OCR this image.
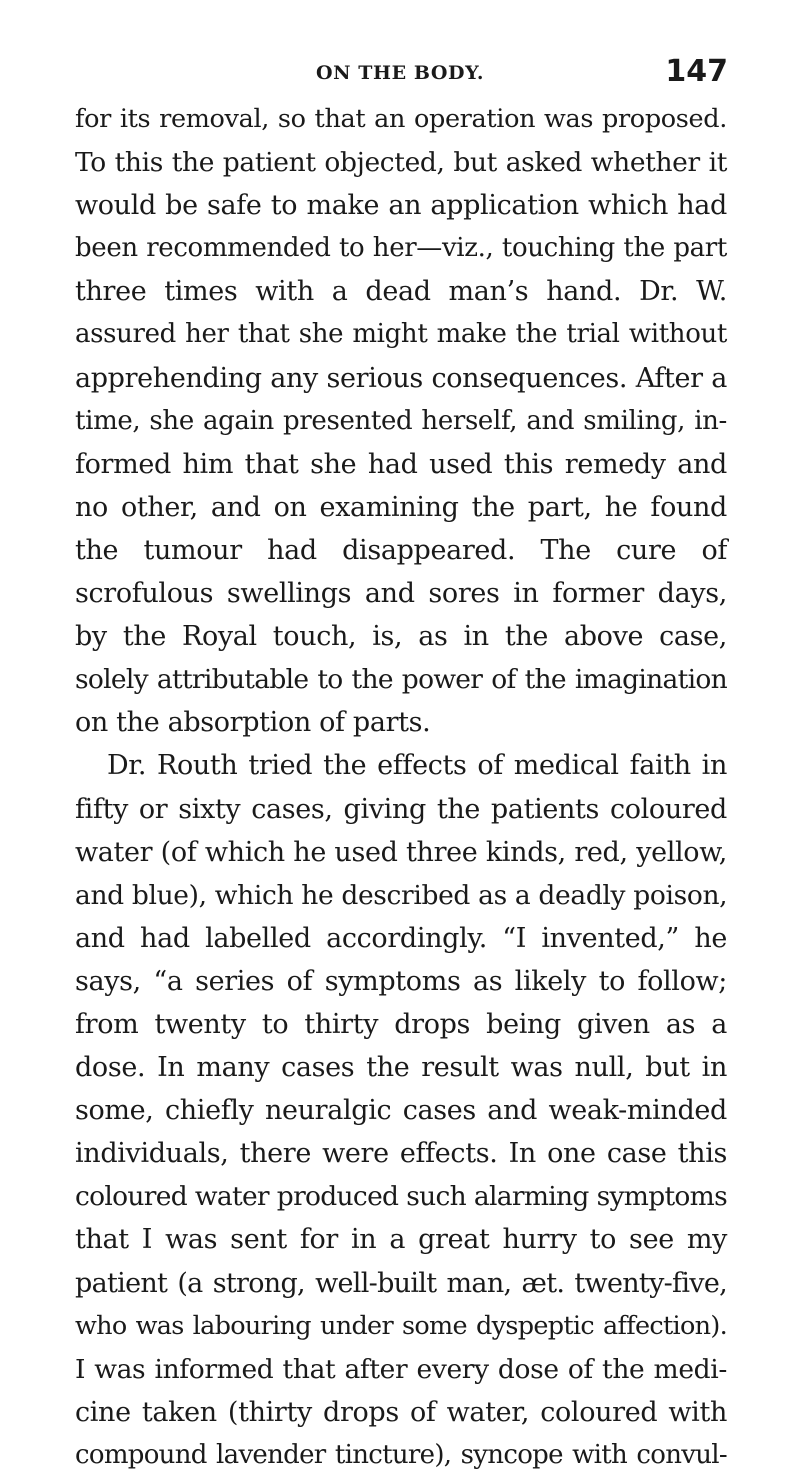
ON THE BODY.	147
for its removal, so that an operation was proposed.
To this the patient objected, but asked whether it
would be safe to make an application which had
been recommended to her—viz., touching the part
three times with a dead man’s hand. Dr. W.
assured her that she might make the trial without
apprehending any serious consequences. After a
time, she again presented herself, and smiling, in-
formed him that she had used this remedy and
no other, and on examining the part, he found
the tumour had disappeared. The cure of
scrofulous swellings and sores in former days,
by the Royal touch, is, as in the above case,
solely attributable to the power of the imagination
on the absorption of parts.
Dr. Routh tried the effects of medical faith in
fifty or sixty cases, giving the patients coloured
water (of which he used three kinds, red, yellow,
and blue), which he described as a deadly poison,
and had labelled accordingly. “I invented,” he
says, “a series of symptoms as likely to follow;
from twenty to thirty drops being given as a
dose. In many cases the result was null, but in
some, chiefly neuralgic cases and weak-minded
individuals, there were effects. In one case this
coloured water produced such alarming symptoms
that I was sent for in a great hurry to see my
patient (a strong, well-built man, æt. twenty-five,
who was labouring under some dyspeptic affection).
I was informed that after every dose of the medi-
cine taken (thirty drops of water, coloured with
compound lavender tincture), syncope with convul-
